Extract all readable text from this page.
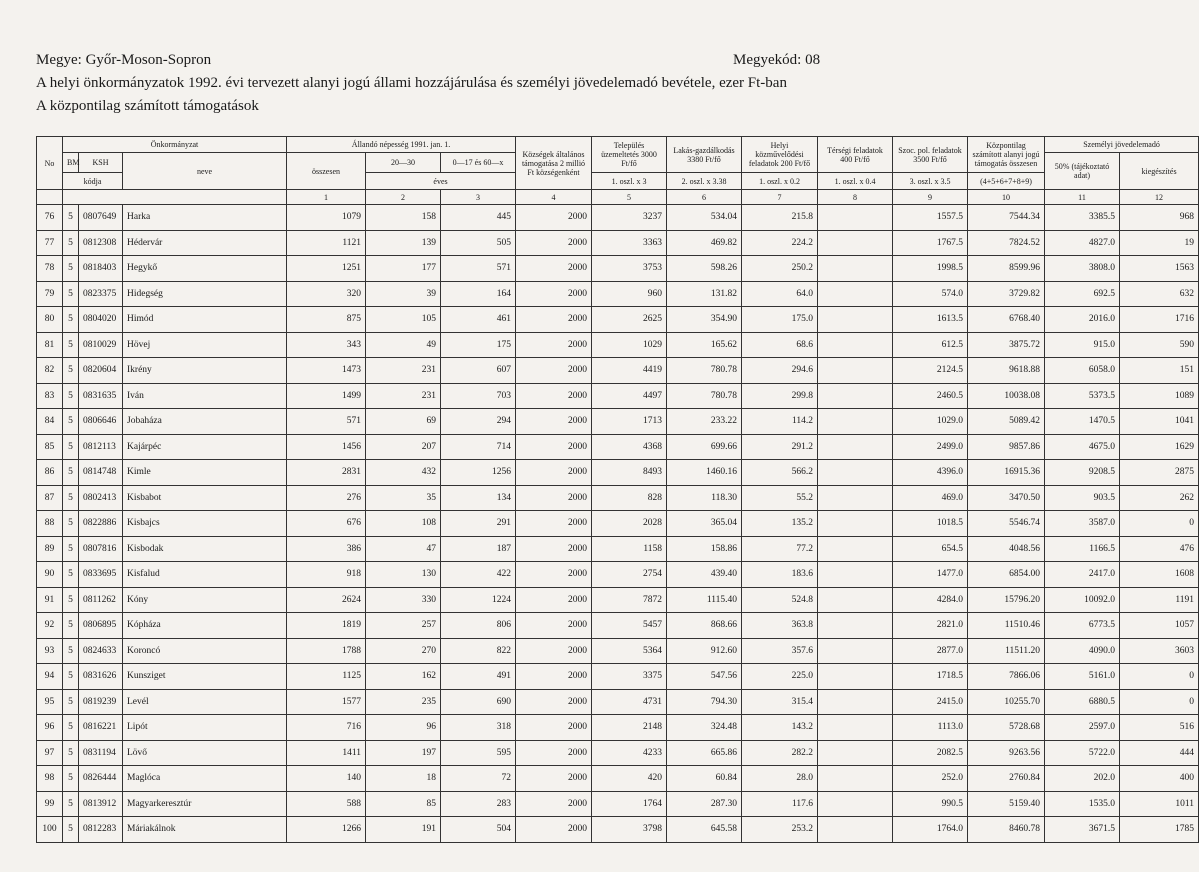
Megye: Győr-Moson-Sopron	Megyekód: 08
A helyi önkormányzatok 1992. évi tervezett alanyi jogú állami hozzájárulása és személyi jövedelemadó bevétele, ezer Ft-ban
A központilag számított támogatások
No	Önkormányzat			Állandó népesség 1991. jan. 1.			Községek általános támogatása 2 millió Ft községenként	Település üzemeltetés 3000 Ft/fő	Lakás-gazdálkodás 3380 Ft/fő	Helyi közművelődési feladatok 200 Ft/fő	Térségi feladatok 400 Ft/fő	Szoc. pol. feladatok 3500 Ft/fő	Központilag számított alanyi jogú támogatás összesen	Személyi jövedelemadó	
	BM	KSH	neve	összesen	20—30	0—17 és 60—x								50% (tájékoztató adat)	kiegészítés
	kódja				éves			1. oszl. x 3	2. oszl. x 3.38	1. oszl. x 0.2	1. oszl. x 0.4	3. oszl. x 3.5	(4+5+6+7+8+9)		
				1	2	3	4	5	6	7	8	9	10	11	12
76	5	0807649	Harka	1079	158	445	2000	3237	534.04	215.8		1557.5	7544.34	3385.5	968
77	5	0812308	Hédervár	1121	139	505	2000	3363	469.82	224.2		1767.5	7824.52	4827.0	19
78	5	0818403	Hegykő	1251	177	571	2000	3753	598.26	250.2		1998.5	8599.96	3808.0	1563
79	5	0823375	Hidegség	320	39	164	2000	960	131.82	64.0		574.0	3729.82	692.5	632
80	5	0804020	Himód	875	105	461	2000	2625	354.90	175.0		1613.5	6768.40	2016.0	1716
81	5	0810029	Hövej	343	49	175	2000	1029	165.62	68.6		612.5	3875.72	915.0	590
82	5	0820604	Ikrény	1473	231	607	2000	4419	780.78	294.6		2124.5	9618.88	6058.0	151
83	5	0831635	Iván	1499	231	703	2000	4497	780.78	299.8		2460.5	10038.08	5373.5	1089
84	5	0806646	Jobaháza	571	69	294	2000	1713	233.22	114.2		1029.0	5089.42	1470.5	1041
85	5	0812113	Kajárpéc	1456	207	714	2000	4368	699.66	291.2		2499.0	9857.86	4675.0	1629
86	5	0814748	Kimle	2831	432	1256	2000	8493	1460.16	566.2		4396.0	16915.36	9208.5	2875
87	5	0802413	Kisbabot	276	35	134	2000	828	118.30	55.2		469.0	3470.50	903.5	262
88	5	0822886	Kisbajcs	676	108	291	2000	2028	365.04	135.2		1018.5	5546.74	3587.0	0
89	5	0807816	Kisbodak	386	47	187	2000	1158	158.86	77.2		654.5	4048.56	1166.5	476
90	5	0833695	Kisfalud	918	130	422	2000	2754	439.40	183.6		1477.0	6854.00	2417.0	1608
91	5	0811262	Kóny	2624	330	1224	2000	7872	1115.40	524.8		4284.0	15796.20	10092.0	1191
92	5	0806895	Kópháza	1819	257	806	2000	5457	868.66	363.8		2821.0	11510.46	6773.5	1057
93	5	0824633	Koroncó	1788	270	822	2000	5364	912.60	357.6		2877.0	11511.20	4090.0	3603
94	5	0831626	Kunsziget	1125	162	491	2000	3375	547.56	225.0		1718.5	7866.06	5161.0	0
95	5	0819239	Levél	1577	235	690	2000	4731	794.30	315.4		2415.0	10255.70	6880.5	0
96	5	0816221	Lipót	716	96	318	2000	2148	324.48	143.2		1113.0	5728.68	2597.0	516
97	5	0831194	Lövő	1411	197	595	2000	4233	665.86	282.2		2082.5	9263.56	5722.0	444
98	5	0826444	Maglóca	140	18	72	2000	420	60.84	28.0		252.0	2760.84	202.0	400
99	5	0813912	Magyarkeresztúr	588	85	283	2000	1764	287.30	117.6		990.5	5159.40	1535.0	1011
100	5	0812283	Máriakálnok	1266	191	504	2000	3798	645.58	253.2		1764.0	8460.78	3671.5	1785
